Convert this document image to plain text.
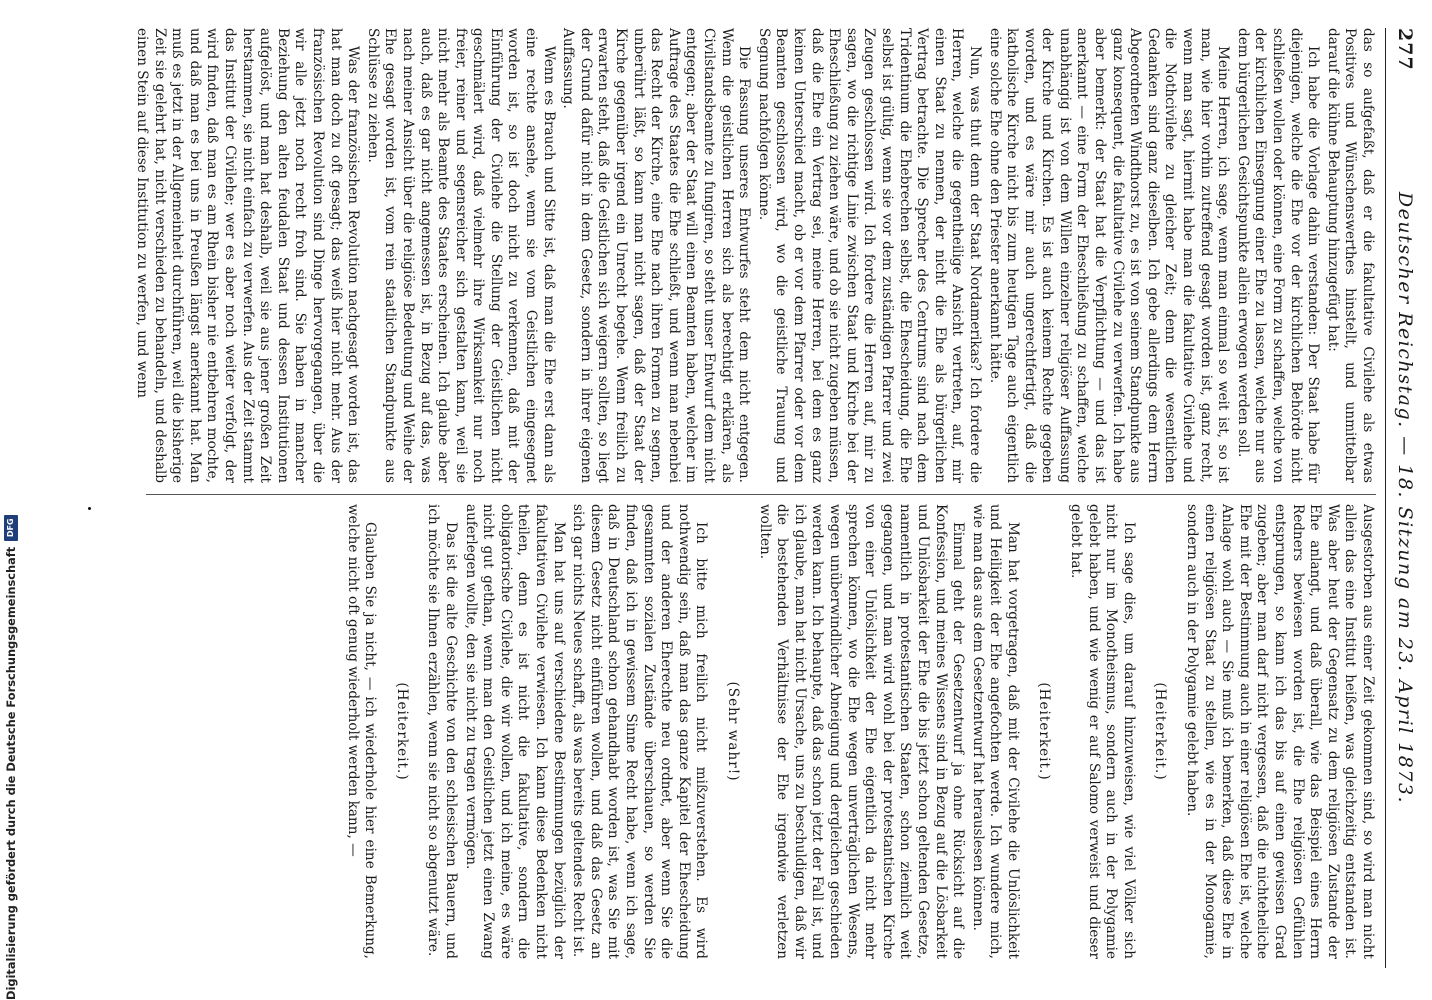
277
Deutscher Reichstag. — 18. Sitzung am 23. April 1873.

das so aufgefaßt, daß er die fakultative Civilehe als etwas Positives und Wünschenswerthes hinstellt, und unmittelbar darauf die kühne Behauptung hinzugefügt hat:

Ich habe die Vorlage dahin verstanden: Der Staat habe für diejenigen, welche die Ehe vor der kirchlichen Behörde nicht schließen wollen oder können, eine Form zu schaffen, welche von der kirchlichen Einsegnung einer Ehe zu lassen, welche nur aus dem bürgerlichen Gesichtspunkte allein erwogen werden soll.

Meine Herren, ich sage, wenn man einmal so weit ist, so ist man, wie hier vorhin zutreffend gesagt worden ist, ganz recht, wenn man sagt, hiermit habe man die fakultative Civilehe und die Nothcivilehe zu gleicher Zeit; denn die wesentlichen Gedanken sind ganz dieselben. Ich gebe allerdings dem Herrn Abgeordneten Windthorst zu, es ist von seinem Standpunkte aus ganz konsequent, die fakultative Civilehe zu verwerfen. Ich habe aber bemerkt: der Staat hat die Verpflichtung — und das ist anerkannt — eine Form der Eheschließung zu schaffen, welche unabhängig ist von dem Willen einzelner religiöser Auffassung der Kirche und Kirchen. Es ist auch keinem Rechte gegeben worden, und es wäre mir auch ungerechtfertigt, daß die katholische Kirche nicht bis zum heutigen Tage auch eigentlich eine solche Ehe ohne den Priester anerkannt hätte.

Nun, was thut denn der Staat Nordamerikas? Ich fordere die Herren, welche die gegentheilige Ansicht vertreten, auf, mir einen Staat zu nennen, der nicht die Ehe als bürgerlichen Vertrag betrachte. Die Sprecher des Centrums sind nach dem Tridentinum die Ehebrechen selbst, die Ehescheidung, die Ehe selbst ist gültig, wenn sie vor dem zuständigen Pfarrer und zwei Zeugen geschlossen wird. Ich fordere die Herren auf, mir zu sagen, wo die richtige Linie zwischen Staat und Kirche bei der Eheschließung zu ziehen wäre, und ob sie nicht zugeben müssen, daß die Ehe ein Vertrag sei, meine Herren, bei dem es ganz keinen Unterschied macht, ob er vor dem Pfarrer oder vor dem Beamten geschlossen wird, wo die geistliche Trauung und Segnung nachfolgen könne.

Die Fassung unseres Entwurfes steht dem nicht entgegen. Wenn die geistlichen Herren sich als berechtigt erklären, als Civilstandsbeamte zu fungiren, so steht unser Entwurf dem nicht entgegen; aber der Staat will einen Beamten haben, welcher im Auftrage des Staates die Ehe schließt, und wenn man nebenbei das Recht der Kirche, eine Ehe nach ihren Formen zu segnen, unberührt läßt, so kann man nicht sagen, daß der Staat der Kirche gegenüber irgend ein Unrecht begehe. Wenn freilich zu erwarten steht, daß die Geistlichen sich weigern sollten, so liegt der Grund dafür nicht in dem Gesetz, sondern in ihrer eigenen Auffassung.

Wenn es Brauch und Sitte ist, daß man die Ehe erst dann als eine rechte ansehe, wenn sie vom Geistlichen eingesegnet worden ist, so ist doch nicht zu verkennen, daß mit der Einführung der Civilehe die Stellung der Geistlichen nicht geschmälert wird, daß vielmehr ihre Wirksamkeit nur noch freier, reiner und segensreicher sich gestalten kann, weil sie nicht mehr als Beamte des Staates erscheinen. Ich glaube aber auch, daß es gar nicht angemessen ist, in Bezug auf das, was nach meiner Ansicht über die religiöse Bedeutung und Weihe der Ehe gesagt worden ist, vom rein staatlichen Standpunkte aus Schlüsse zu ziehen.

Was der französischen Revolution nachgesagt worden ist, das hat man doch zu oft gesagt; das weiß hier nicht mehr. Aus der französischen Revolution sind Dinge hervorgegangen, über die wir alle jetzt noch recht froh sind. Sie haben in mancher Beziehung den alten feudalen Staat und dessen Institutionen aufgelöst, und man hat deshalb, weil sie aus jener großen Zeit herstammen, sie nicht einfach zu verwerfen. Aus der Zeit stammt das Institut der Civilehe; wer es aber noch weiter verfolgt, der wird finden, daß man es am Rhein bisher nie entbehren mochte, und daß man es bei uns in Preußen längst anerkannt hat. Man muß es jetzt in der Allgemeinheit durchführen, weil die bisherige Zeit sie gelehrt hat, nicht verschieden zu behandeln, und deshalb einen Stein auf diese Institution zu werfen, und wenn

Ausgestorben aus einer Zeit gekommen sind, so wird man nicht allein das eine Institut heißen, was gleichzeitig entstanden ist. Was aber heut der Gegensatz zu dem religiösen Zustande der Ehe anlangt, und daß überall, wie das Beispiel eines Herrn Redners bewiesen worden ist, die Ehe religiösen Gefühlen entsprungen, so kann ich das bis auf einen gewissen Grad zugeben; aber man darf nicht vergessen, daß die nichteheliche Ehe mit der Bestimmung auch in einer religiösen Ehe ist, welche Anlage wohl auch — Sie muß ich bemerken, daß diese Ehe in einen religiösen Staat zu stellen, wie es in der Monogamie, sondern auch in der Polygamie gelebt haben.

(Heiterkeit.)

Ich sage dies, um darauf hinzuweisen, wie viel Völker sich nicht nur im Monotheismus, sondern auch in der Polygamie gelebt haben, und wie wenig er auf Salomo verweist und dieser gelebt hat.

(Heiterkeit.)

Man hat vorgetragen, daß mit der Civilehe die Unlöslichkeit und Heiligkeit der Ehe angefochten werde. Ich wundere mich, wie man das aus dem Gesetzentwurf hat herauslesen können.

Einmal geht der Gesetzentwurf ja ohne Rücksicht auf die Konfession, und meines Wissens sind in Bezug auf die Lösbarkeit und Unlösbarkeit der Ehe die bis jetzt schon geltenden Gesetze, namentlich in protestantischen Staaten, schon ziemlich weit gegangen, und man wird wohl bei der protestantischen Kirche von einer Unlöslichkeit der Ehe eigentlich da nicht mehr sprechen können, wo die Ehe wegen unverträglichen Wesens, wegen unüberwindlicher Abneigung und dergleichen geschieden werden kann. Ich behaupte, daß das schon jetzt der Fall ist, und ich glaube, man hat nicht Ursache, uns zu beschuldigen, daß wir die bestehenden Verhältnisse der Ehe irgendwie verletzen wollten.

(Sehr wahr!)

Ich bitte mich freilich nicht mißzuverstehen. Es wird nothwendig sein, daß man das ganze Kapitel der Ehescheidung und der anderen Eherechte neu ordnet, aber wenn Sie die gesammten sozialen Zustände überschauen, so werden Sie finden, daß ich in gewissem Sinne Recht habe, wenn ich sage, daß in Deutschland schon gehandhabt worden ist, was Sie mit diesem Gesetz nicht einführen wollen, und daß das Gesetz an sich gar nichts Neues schafft, als was bereits geltendes Recht ist.

Man hat uns auf verschiedene Bestimmungen bezüglich der fakultativen Civilehe verwiesen. Ich kann diese Bedenken nicht theilen, denn es ist nicht die fakultative, sondern die obligatorische Civilehe, die wir wollen, und ich meine, es wäre nicht gut gethan, wenn man den Geistlichen jetzt einen Zwang auferlegen wollte, den sie nicht zu tragen vermögen.

Das ist die alte Geschichte von den schlesischen Bauern, und ich möchte sie Ihnen erzählen, wenn sie nicht so abgenutzt wäre.

(Heiterkeit.)

Glauben Sie ja nicht, — ich wiederhole hier eine Bemerkung, welche nicht oft genug wiederholt werden kann, —

Digitalisierung gefördert durch die Deutsche Forschungsgemeinschaft
DFG
